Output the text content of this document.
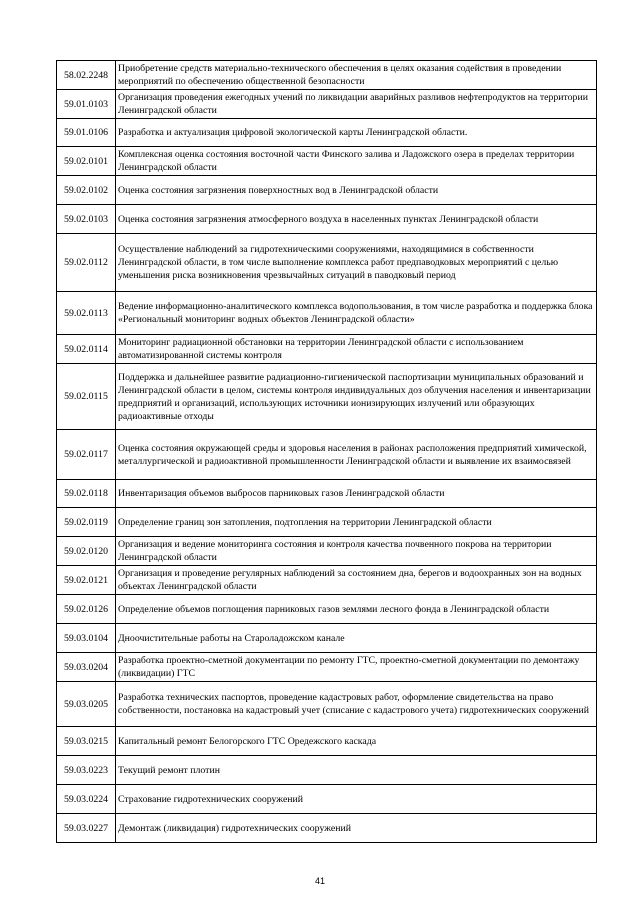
58.02.2248	Приобретение средств материально-технического обеспечения в целях оказания содействия в проведении мероприятий по обеспечению общественной безопасности
59.01.0103	Организация проведения ежегодных учений по ликвидации аварийных разливов нефтепродуктов на территории Ленинградской области
59.01.0106	Разработка и актуализация цифровой экологической карты Ленинградской области.
59.02.0101	Комплексная оценка состояния восточной части Финского залива и Ладожского озера в пределах территории Ленинградской области
59.02.0102	Оценка состояния загрязнения поверхностных вод в Ленинградской области
59.02.0103	Оценка состояния загрязнения атмосферного воздуха в населенных пунктах Ленинградской области
59.02.0112	Осуществление наблюдений за гидротехническими сооружениями, находящимися в собственности Ленинградской области, в том числе выполнение комплекса работ предпаводковых мероприятий с целью уменьшения риска возникновения чрезвычайных ситуаций в паводковый период
59.02.0113	Ведение информационно-аналитического комплекса водопользования, в том числе разработка и поддержка блока «Региональный мониторинг водных объектов Ленинградской области»
59.02.0114	Мониторинг радиационной обстановки на территории Ленинградской области с использованием автоматизированной системы контроля
59.02.0115	Поддержка и дальнейшее развитие радиационно-гигиенической паспортизации муниципальных образований и Ленинградской области в целом, системы контроля индивидуальных доз облучения населения и инвентаризации предприятий и организаций, использующих источники ионизирующих излучений или образующих радиоактивные отходы
59.02.0117	Оценка состояния окружающей среды и здоровья населения в районах расположения предприятий химической, металлургической и радиоактивной промышленности Ленинградской области и выявление их взаимосвязей
59.02.0118	Инвентаризация объемов выбросов парниковых газов Ленинградской области
59.02.0119	Определение границ зон затопления, подтопления на территории Ленинградской области
59.02.0120	Организация и ведение мониторинга состояния и контроля качества почвенного покрова на территории Ленинградской области
59.02.0121	Организация и проведение регулярных наблюдений за состоянием дна, берегов и водоохранных зон на водных объектах Ленинградской области
59.02.0126	Определение объемов поглощения парниковых газов землями лесного фонда в Ленинградской области
59.03.0104	Дноочистительные работы на Староладожском канале
59.03.0204	Разработка проектно-сметной документации по ремонту ГТС, проектно-сметной документации по демонтажу (ликвидации) ГТС
59.03.0205	Разработка технических паспортов, проведение кадастровых работ, оформление свидетельства на право собственности, постановка на кадастровый учет (списание с кадастрового учета) гидротехнических сооружений
59.03.0215	Капитальный ремонт Белогорского ГТС Оредежского каскада
59.03.0223	Текущий ремонт плотин
59.03.0224	Страхование гидротехнических сооружений
59.03.0227	Демонтаж (ликвидация) гидротехнических сооружений
41
